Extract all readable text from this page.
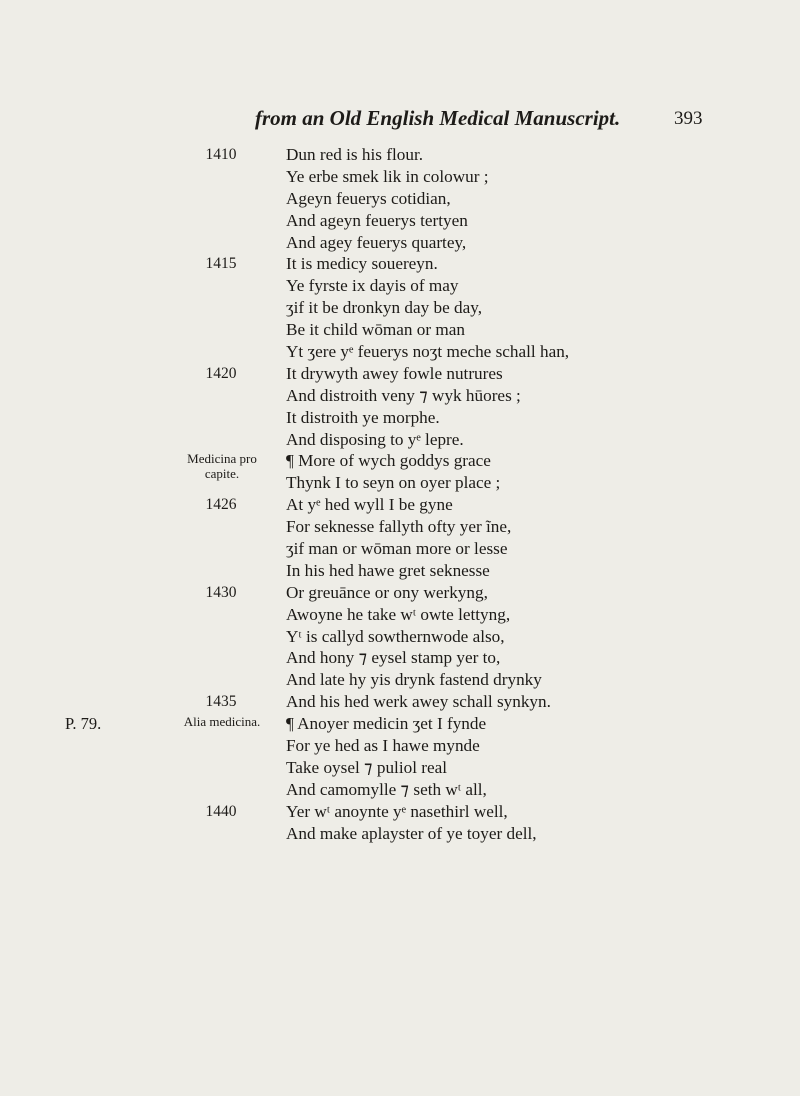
from an Old English Medical Manuscript.	393
1410	Dun red is his flour.
Ye erbe smek lik in colowur ;
Ageyn feuerys cotidian,
And ageyn feuerys tertyen
And agey feuerys quartey,
1415	It is medicy souereyn.
Ye fyrste ix dayis of may
ʒif it be dronkyn day be day,
Be it child wōman or man
Yt ʒere yᵉ feuerys noʒt meche schall han,
1420	It drywyth awey fowle nutrures
And distroith veny ⁊ wyk hūores ;
It distroith ye morphe.
And disposing to yᵉ lepre.
Medicina pro capite.
¶ More of wych goddys grace
Thynk I to seyn on oyer place ;
1426	At yᵉ hed wyll I be gyne
For seknesse fallyth ofty yer ĩne,
ʒif man or wōman more or lesse
In his hed hawe gret seknesse
1430	Or greuānce or ony werkyng,
Awoyne he take wᵗ owte lettyng,
Yᵗ is callyd sowthernwode also,
And hony ⁊ eysel stamp yer to,
And late hy yis drynk fastend drynky
1435	And his hed werk awey schall synkyn.
P. 79.	Alia medicina.	¶ Anoyer medicin ʒet I fynde
For ye hed as I hawe mynde
Take oysel ⁊ puliol real
And camomylle ⁊ seth wᵗ all,
1440	Yer wᵗ anoynte yᵉ nasethirl well,
And make aplayster of ye toyer dell,
